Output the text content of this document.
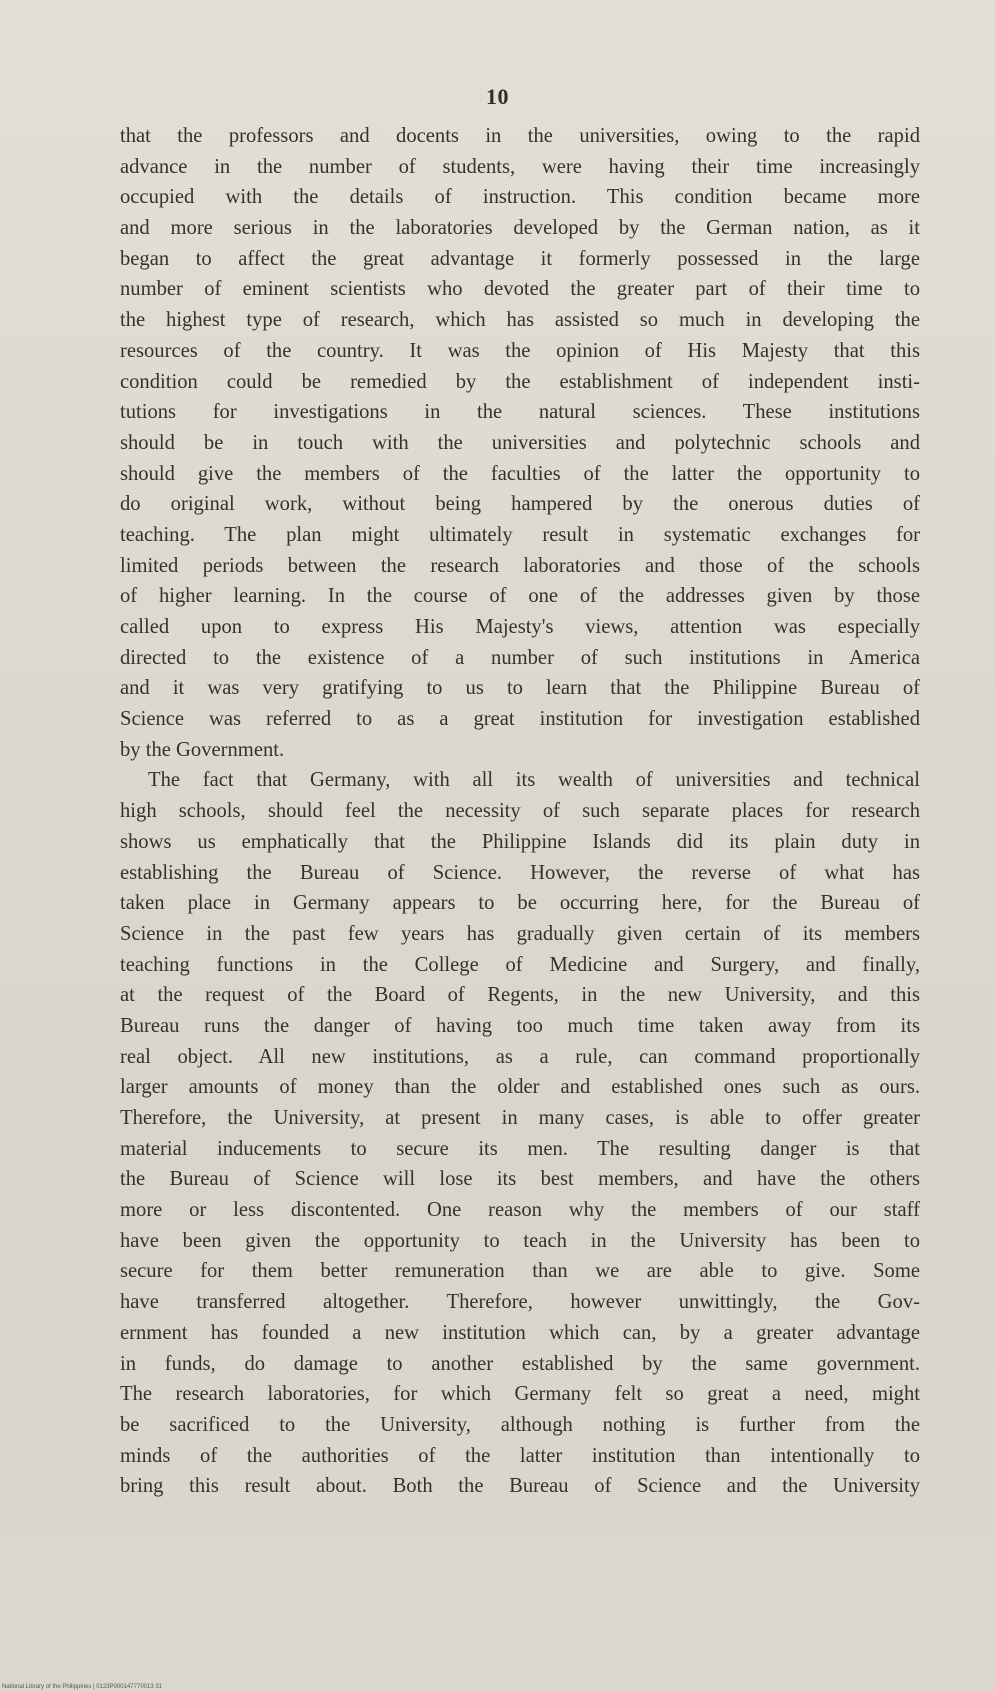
10
that the professors and docents in the universities, owing to the rapid
advance in the number of students, were having their time increasingly
occupied with the details of instruction. This condition became more
and more serious in the laboratories developed by the German nation, as it
began to affect the great advantage it formerly possessed in the large
number of eminent scientists who devoted the greater part of their time to
the highest type of research, which has assisted so much in developing the
resources of the country. It was the opinion of His Majesty that this
condition could be remedied by the establishment of independent insti-
tutions for investigations in the natural sciences. These institutions
should be in touch with the universities and polytechnic schools and
should give the members of the faculties of the latter the opportunity to
do original work, without being hampered by the onerous duties of
teaching. The plan might ultimately result in systematic exchanges for
limited periods between the research laboratories and those of the schools
of higher learning. In the course of one of the addresses given by those
called upon to express His Majesty's views, attention was especially
directed to the existence of a number of such institutions in America
and it was very gratifying to us to learn that the Philippine Bureau of
Science was referred to as a great institution for investigation established
by the Government.
The fact that Germany, with all its wealth of universities and technical
high schools, should feel the necessity of such separate places for research
shows us emphatically that the Philippine Islands did its plain duty in
establishing the Bureau of Science. However, the reverse of what has
taken place in Germany appears to be occurring here, for the Bureau of
Science in the past few years has gradually given certain of its members
teaching functions in the College of Medicine and Surgery, and finally,
at the request of the Board of Regents, in the new University, and this
Bureau runs the danger of having too much time taken away from its
real object. All new institutions, as a rule, can command proportionally
larger amounts of money than the older and established ones such as ours.
Therefore, the University, at present in many cases, is able to offer greater
material inducements to secure its men. The resulting danger is that
the Bureau of Science will lose its best members, and have the others
more or less discontented. One reason why the members of our staff
have been given the opportunity to teach in the University has been to
secure for them better remuneration than we are able to give. Some
have transferred altogether. Therefore, however unwittingly, the Gov-
ernment has founded a new institution which can, by a greater advantage
in funds, do damage to another established by the same government.
The research laboratories, for which Germany felt so great a need, might
be sacrificed to the University, although nothing is further from the
minds of the authorities of the latter institution than intentionally to
bring this result about. Both the Bureau of Science and the University
National Library of the Philippines | 0123P000147770013 31
